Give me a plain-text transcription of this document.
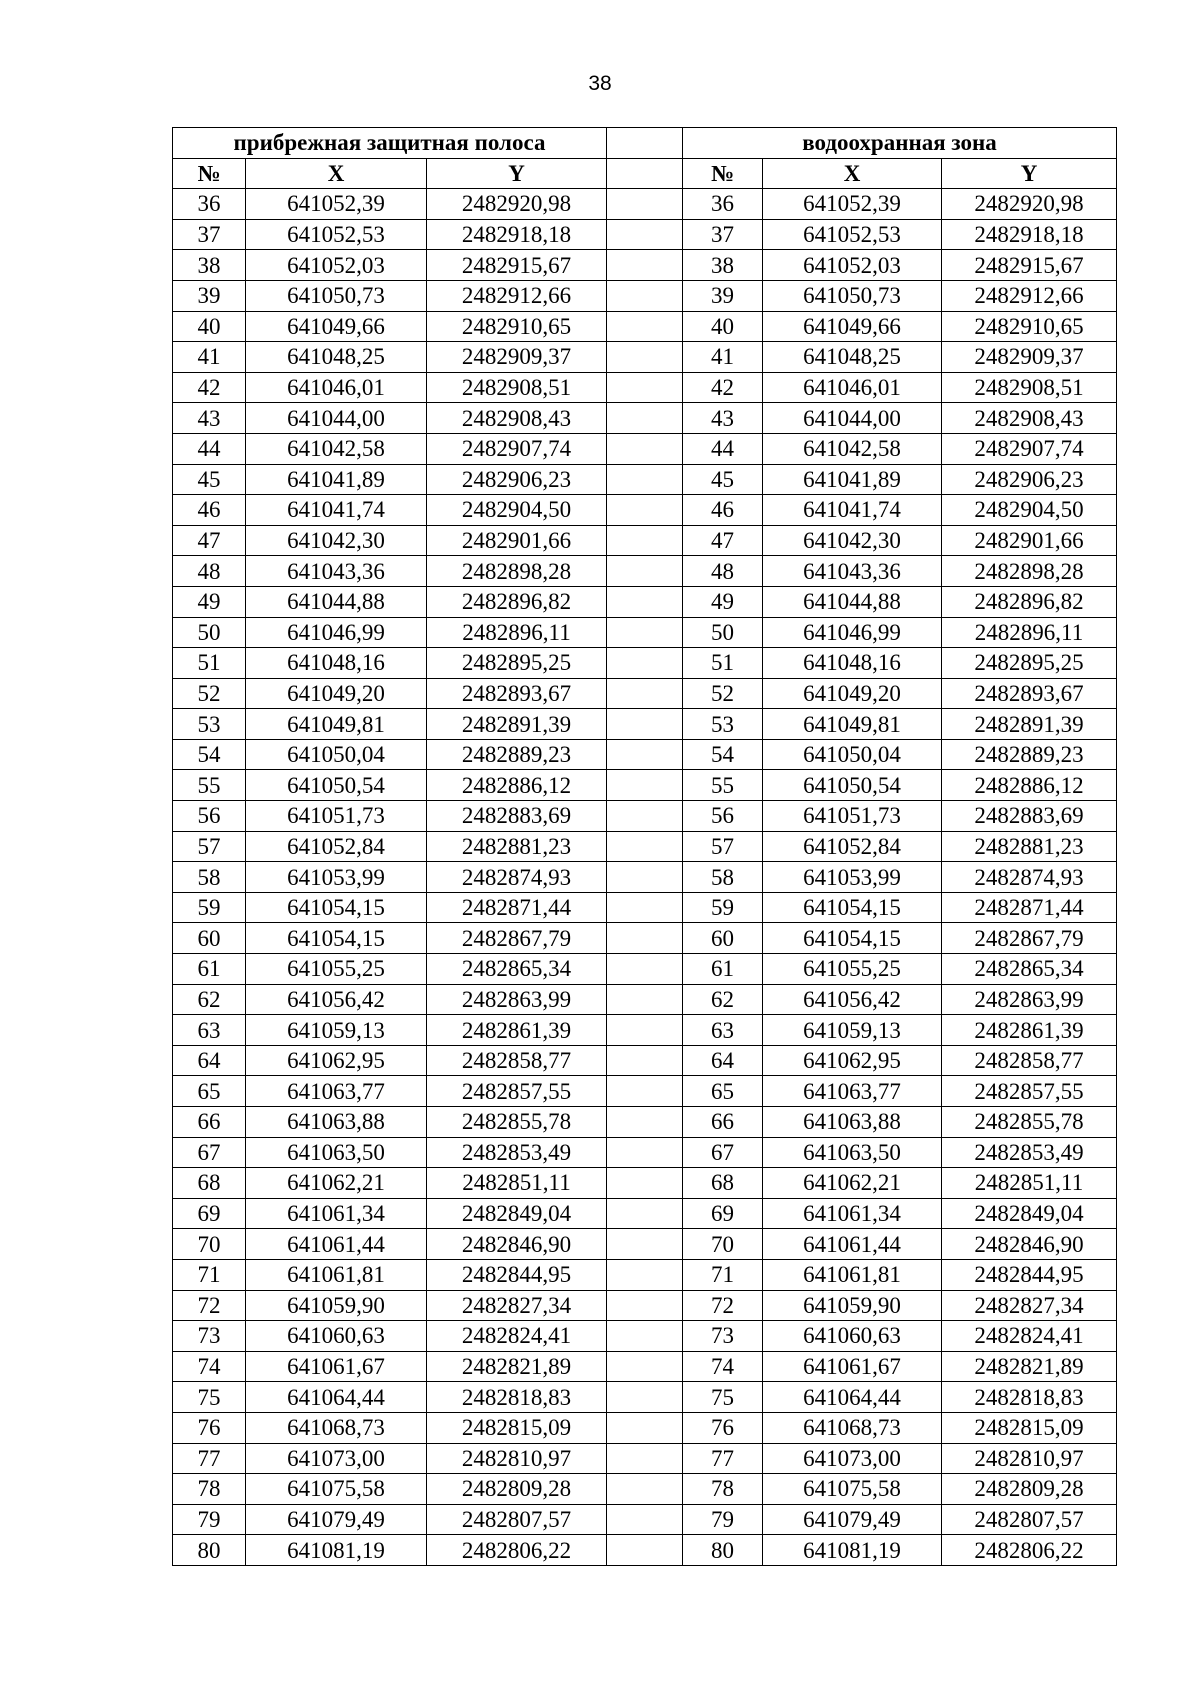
38
прибрежная защитная полоса				водоохранная зона		
№	X	Y		№	X	Y
36	641052,39	2482920,98		36	641052,39	2482920,98
37	641052,53	2482918,18		37	641052,53	2482918,18
38	641052,03	2482915,67		38	641052,03	2482915,67
39	641050,73	2482912,66		39	641050,73	2482912,66
40	641049,66	2482910,65		40	641049,66	2482910,65
41	641048,25	2482909,37		41	641048,25	2482909,37
42	641046,01	2482908,51		42	641046,01	2482908,51
43	641044,00	2482908,43		43	641044,00	2482908,43
44	641042,58	2482907,74		44	641042,58	2482907,74
45	641041,89	2482906,23		45	641041,89	2482906,23
46	641041,74	2482904,50		46	641041,74	2482904,50
47	641042,30	2482901,66		47	641042,30	2482901,66
48	641043,36	2482898,28		48	641043,36	2482898,28
49	641044,88	2482896,82		49	641044,88	2482896,82
50	641046,99	2482896,11		50	641046,99	2482896,11
51	641048,16	2482895,25		51	641048,16	2482895,25
52	641049,20	2482893,67		52	641049,20	2482893,67
53	641049,81	2482891,39		53	641049,81	2482891,39
54	641050,04	2482889,23		54	641050,04	2482889,23
55	641050,54	2482886,12		55	641050,54	2482886,12
56	641051,73	2482883,69		56	641051,73	2482883,69
57	641052,84	2482881,23		57	641052,84	2482881,23
58	641053,99	2482874,93		58	641053,99	2482874,93
59	641054,15	2482871,44		59	641054,15	2482871,44
60	641054,15	2482867,79		60	641054,15	2482867,79
61	641055,25	2482865,34		61	641055,25	2482865,34
62	641056,42	2482863,99		62	641056,42	2482863,99
63	641059,13	2482861,39		63	641059,13	2482861,39
64	641062,95	2482858,77		64	641062,95	2482858,77
65	641063,77	2482857,55		65	641063,77	2482857,55
66	641063,88	2482855,78		66	641063,88	2482855,78
67	641063,50	2482853,49		67	641063,50	2482853,49
68	641062,21	2482851,11		68	641062,21	2482851,11
69	641061,34	2482849,04		69	641061,34	2482849,04
70	641061,44	2482846,90		70	641061,44	2482846,90
71	641061,81	2482844,95		71	641061,81	2482844,95
72	641059,90	2482827,34		72	641059,90	2482827,34
73	641060,63	2482824,41		73	641060,63	2482824,41
74	641061,67	2482821,89		74	641061,67	2482821,89
75	641064,44	2482818,83		75	641064,44	2482818,83
76	641068,73	2482815,09		76	641068,73	2482815,09
77	641073,00	2482810,97		77	641073,00	2482810,97
78	641075,58	2482809,28		78	641075,58	2482809,28
79	641079,49	2482807,57		79	641079,49	2482807,57
80	641081,19	2482806,22		80	641081,19	2482806,22
